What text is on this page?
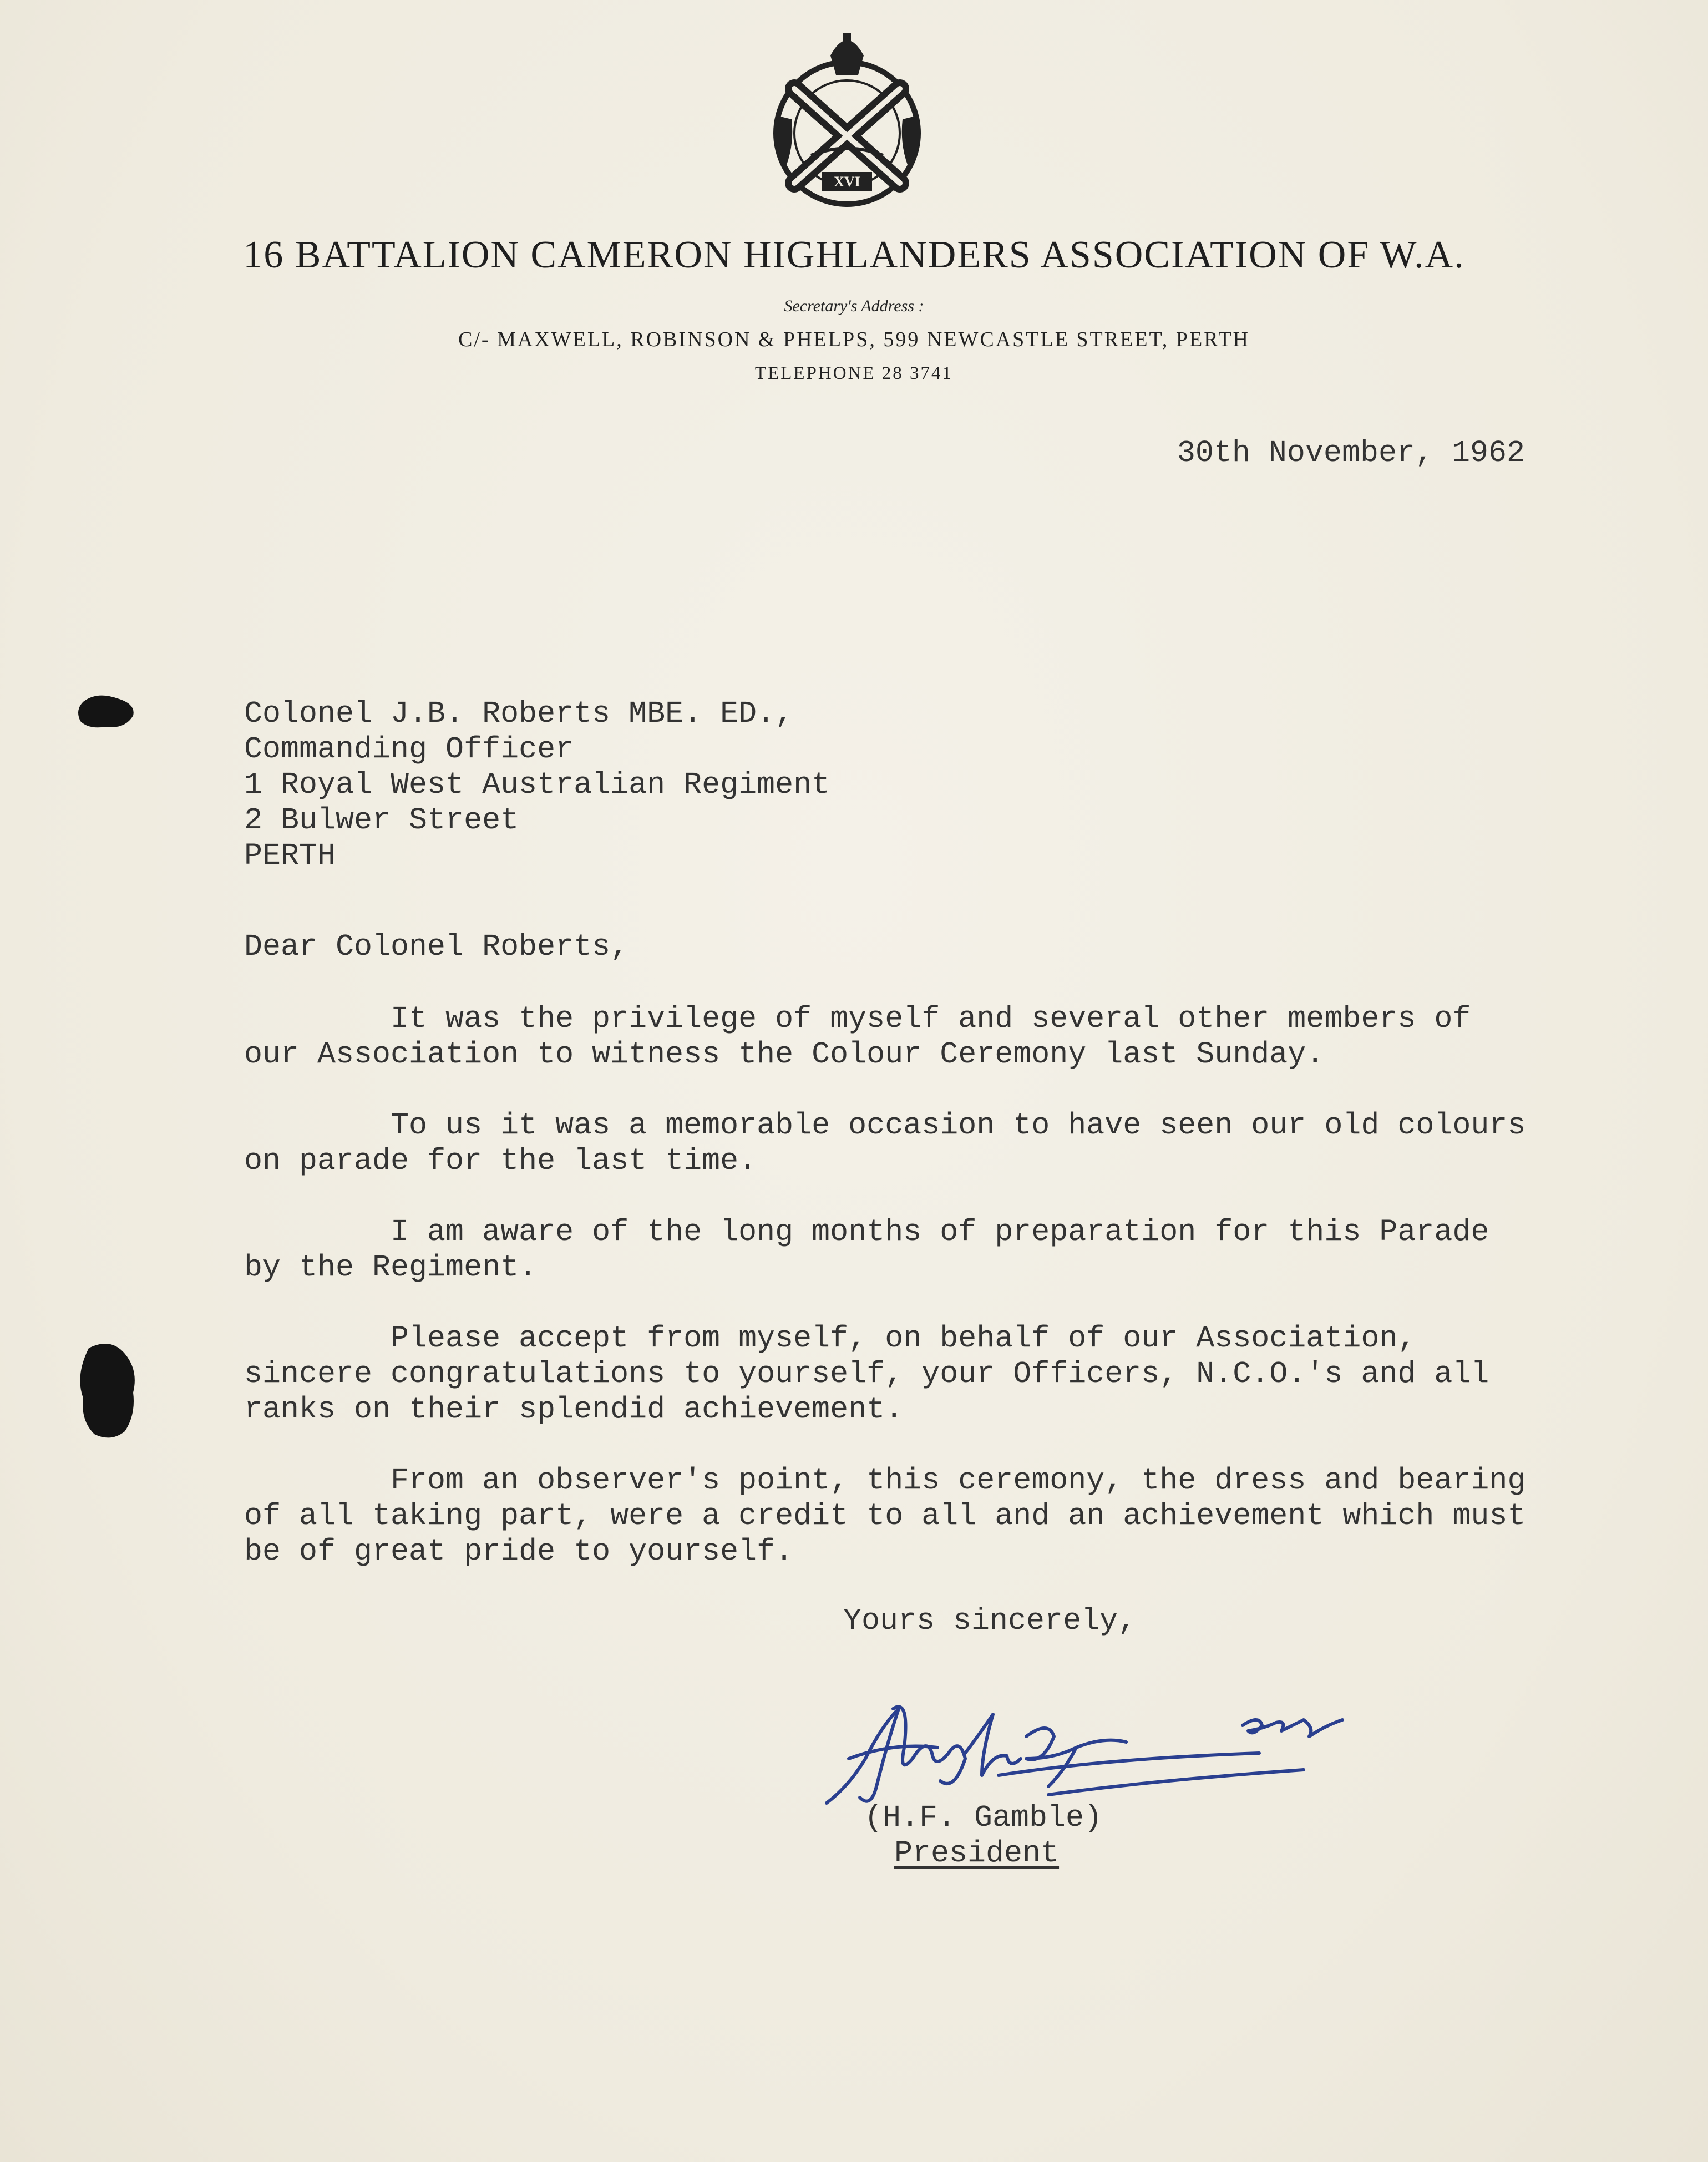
XVI
16 BATTALION CAMERON HIGHLANDERS ASSOCIATION OF W.A.
Secretary's Address :
C/- MAXWELL, ROBINSON & PHELPS, 599 NEWCASTLE STREET, PERTH
TELEPHONE 28 3741
30th November, 1962
Colonel J.B. Roberts MBE. ED.,
Commanding Officer
1 Royal West Australian Regiment
2 Bulwer Street
PERTH
Dear Colonel Roberts,
It was the privilege of myself and several other members of
our Association to witness the Colour Ceremony last Sunday.
To us it was a memorable occasion to have seen our old colours
on parade for the last time.
I am aware of the long months of preparation for this Parade
by the Regiment.
Please accept from myself, on behalf of our Association,
sincere congratulations to yourself, your Officers, N.C.O.'s and all
ranks on their splendid achievement.
From an observer's point, this ceremony, the dress and bearing
of all taking part, were a credit to all and an achievement which must
be of great pride to yourself.
Yours sincerely,
(H.F. Gamble)
President
